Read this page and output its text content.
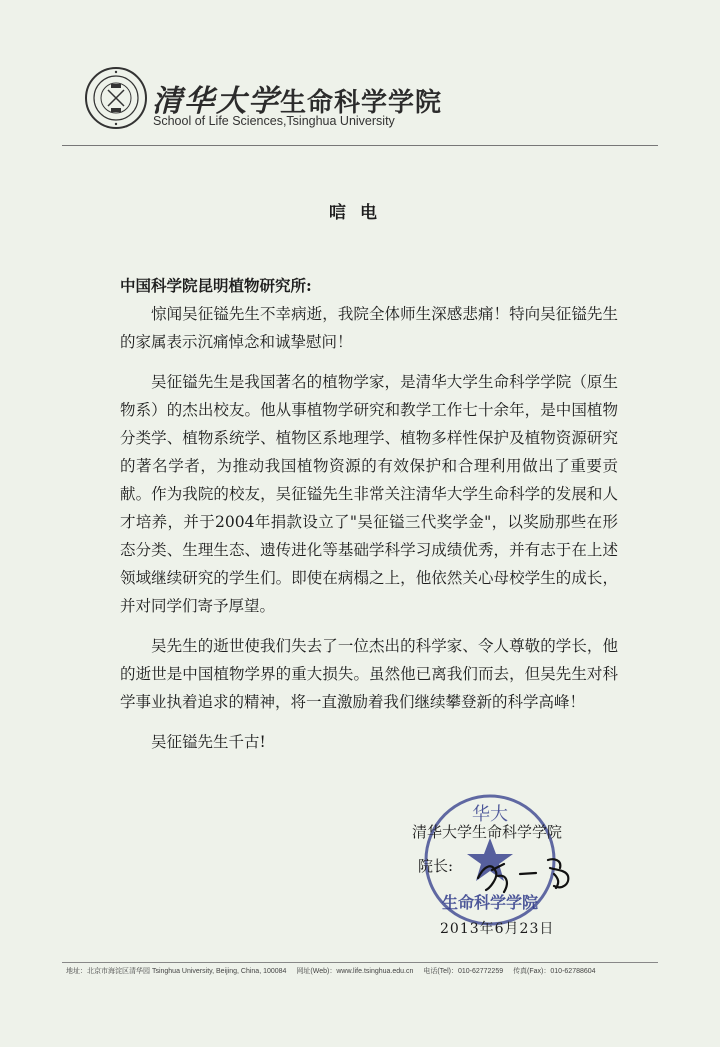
清华大学生命科学学院
School of Life Sciences,Tsinghua University
唁电

中国科学院昆明植物研究所:

惊闻吴征镒先生不幸病逝，我院全体师生深感悲痛！特向吴征镒先生的家属表示沉痛悼念和诚挚慰问！

吴征镒先生是我国著名的植物学家，是清华大学生命科学学院（原生物系）的杰出校友。他从事植物学研究和教学工作七十余年，是中国植物分类学、植物系统学、植物区系地理学、植物多样性保护及植物资源研究的著名学者，为推动我国植物资源的有效保护和合理利用做出了重要贡献。作为我院的校友，吴征镒先生非常关注清华大学生命科学的发展和人才培养，并于2004年捐款设立了"吴征镒三代奖学金"，以奖励那些在形态分类、生理生态、遗传进化等基础学科学习成绩优秀，并有志于在上述领域继续研究的学生们。即使在病榻之上，他依然关心母校学生的成长，并对同学们寄予厚望。

吴先生的逝世使我们失去了一位杰出的科学家、令人尊敬的学长，他的逝世是中国植物学界的重大损失。虽然他已离我们而去，但吴先生对科学事业执着追求的精神，将一直激励着我们继续攀登新的科学高峰！

吴征镒先生千古!

华大
生命科学学院
清华大学生命科学学院
院长:
2013年6月23日
地址：北京市海淀区清华园 Tsinghua University, Beijing, China, 100084 网址(Web)：www.life.tsinghua.edu.cn 电话(Tel)：010-62772259 传真(Fax)：010-62788604
